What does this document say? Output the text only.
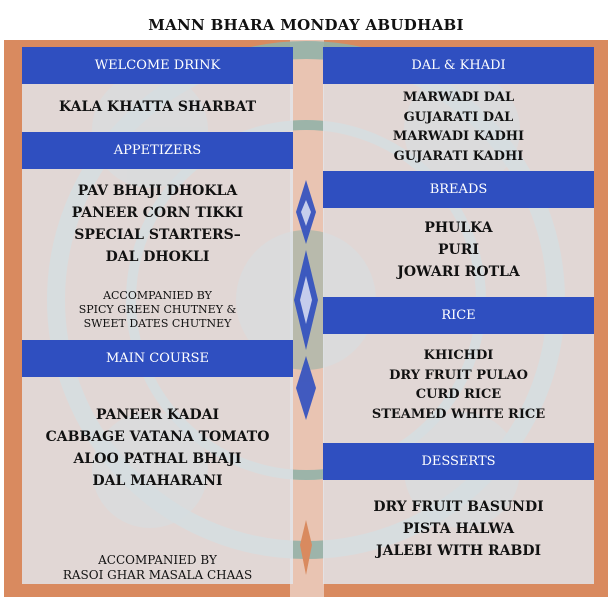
MANN BHARA MONDAY ABUDHABI
WELCOME DRINK
KALA KHATTA SHARBAT
APPETIZERS
PAV BHAJI DHOKLA
PANEER CORN TIKKI
SPECIAL STARTERS–
DAL DHOKLI
ACCOMPANIED BY
SPICY GREEN CHUTNEY &
SWEET DATES CHUTNEY
MAIN COURSE
PANEER KADAI
CABBAGE VATANA TOMATO
ALOO PATHAL BHAJI
DAL MAHARANI
ACCOMPANIED BY
RASOI GHAR MASALA CHAAS
DAL & KHADI
MARWADI DAL
GUJARATI DAL
MARWADI KADHI
GUJARATI KADHI
BREADS
PHULKA
PURI
JOWARI ROTLA
RICE
KHICHDI
DRY FRUIT PULAO
CURD RICE
STEAMED WHITE RICE
DESSERTS
DRY FRUIT BASUNDI
PISTA HALWA
JALEBI WITH RABDI
